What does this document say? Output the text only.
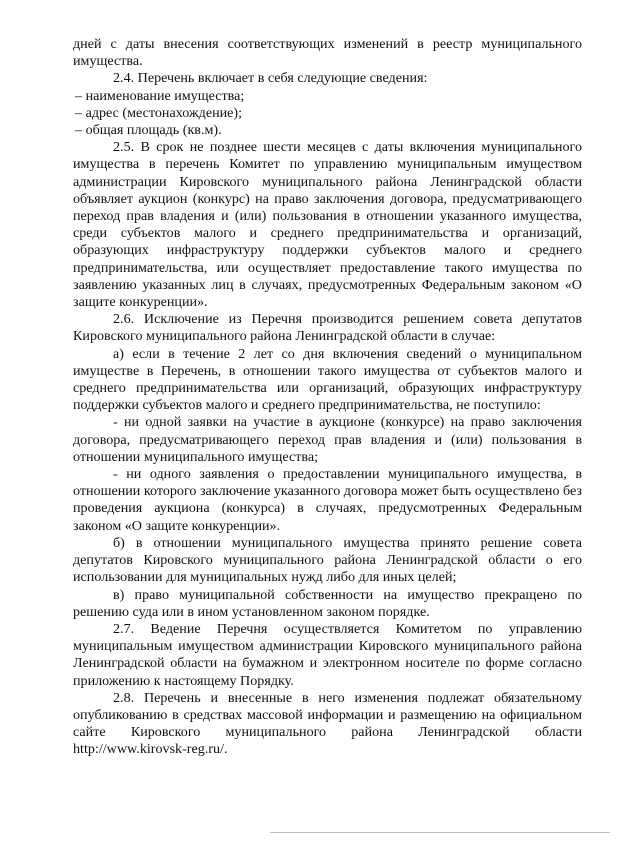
дней с даты внесения соответствующих изменений в реестр муниципального имущества.

2.4. Перечень включает в себя следующие сведения:

– наименование имущества;

– адрес (местонахождение);

– общая площадь (кв.м).

2.5. В срок не позднее шести месяцев с даты включения муниципального имущества в перечень Комитет по управлению муниципальным имуществом администрации Кировского муниципального района Ленинградской области объявляет аукцион (конкурс) на право заключения договора, предусматривающего переход прав владения и (или) пользования в отношении указанного имущества, среди субъектов малого и среднего предпринимательства и организаций, образующих инфраструктуру поддержки субъектов малого и среднего предпринимательства, или осуществляет предоставление такого имущества по заявлению указанных лиц в случаях, предусмотренных Федеральным законом «О защите конкуренции».

2.6. Исключение из Перечня производится решением совета депутатов Кировского муниципального района Ленинградской области в случае:

а) если в течение 2 лет со дня включения сведений о муниципальном имуществе в Перечень, в отношении такого имущества от субъектов малого и среднего предпринимательства или организаций, образующих инфраструктуру поддержки субъектов малого и среднего предпринимательства, не поступило:

- ни одной заявки на участие в аукционе (конкурсе) на право заключения договора, предусматривающего переход прав владения и (или) пользования в отношении муниципального имущества;

- ни одного заявления о предоставлении муниципального имущества, в отношении которого заключение указанного договора может быть осуществлено без проведения аукциона (конкурса) в случаях, предусмотренных Федеральным законом «О защите конкуренции».

б) в отношении муниципального имущества принято решение совета депутатов Кировского муниципального района Ленинградской области о его использовании для муниципальных нужд либо для иных целей;

в) право муниципальной собственности на имущество прекращено по решению суда или в ином установленном законом порядке.

2.7. Ведение Перечня осуществляется Комитетом по управлению муниципальным имуществом администрации Кировского муниципального района Ленинградской области на бумажном и электронном носителе по форме согласно приложению к настоящему Порядку.

2.8. Перечень и внесенные в него изменения подлежат обязательному опубликованию в средствах массовой информации и размещению на официальном сайте Кировского муниципального района Ленинградской области http://www.kirovsk-reg.ru/.
